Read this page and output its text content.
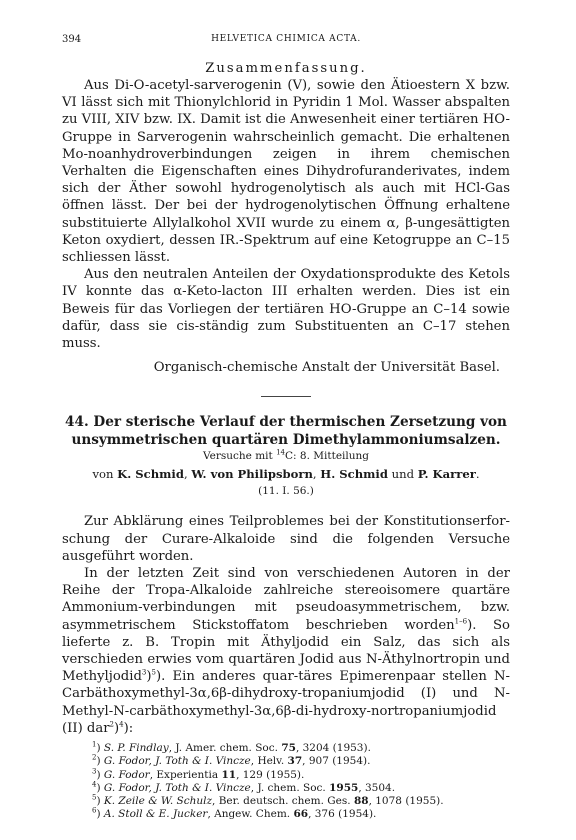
394	HELVETICA CHIMICA ACTA.
Zusammenfassung.

Aus Di-O-acetyl-sarverogenin (V), sowie den Ätioestern X bzw. VI lässt sich mit Thionylchlorid in Pyridin 1 Mol. Wasser abspalten zu VIII, XIV bzw. IX. Damit ist die Anwesenheit einer tertiären HO-Gruppe in Sarverogenin wahrscheinlich gemacht. Die erhaltenen Mo-noanhydroverbindungen zeigen in ihrem chemischen Verhalten die Eigenschaften eines Dihydrofuranderivates, indem sich der Äther sowohl hydrogenolytisch als auch mit HCl-Gas öffnen lässt. Der bei der hydrogenolytischen Öffnung erhaltene substituierte Allylalkohol XVII wurde zu einem α, β-ungesättigten Keton oxydiert, dessen IR.-Spektrum auf eine Ketogruppe an C–15 schliessen lässt.

Aus den neutralen Anteilen der Oxydationsprodukte des Ketols IV konnte das α-Keto-lacton III erhalten werden. Dies ist ein Beweis für das Vorliegen der tertiären HO-Gruppe an C–14 sowie dafür, dass sie cis-ständig zum Substituenten an C–17 stehen muss.

Organisch-chemische Anstalt der Universität Basel.
44. Der sterische Verlauf der thermischen Zersetzung von
unsymmetrischen quartären Dimethylammoniumsalzen.
Versuche mit $^{14}$C: 8. Mitteilung
von K. Schmid, W. von Philipsborn, H. Schmid und P. Karrer.
(11. I. 56.)

Zur Abklärung eines Teilproblemes bei der Konstitutionserfor-schung der Curare-Alkaloide sind die folgenden Versuche ausgeführt worden.

In der letzten Zeit sind von verschiedenen Autoren in der Reihe der Tropa-Alkaloide zahlreiche stereoisomere quartäre Ammonium-verbindungen mit pseudoasymmetrischem, bzw. asymmetrischem Stickstoffatom beschrieben worden$^{1-6}$). So lieferte z. B. Tropin mit Äthyljodid ein Salz, das sich als verschieden erwies vom quartären Jodid aus N-Äthylnortropin und Methyljodid$^3$)$^5$). Ein anderes quar-täres Epimerenpaar stellen N-Carbäthoxymethyl-3α,6β-dihydroxy-tropaniumjodid (I) und N-Methyl-N-carbäthoxymethyl-3α,6β-di-hydroxy-nortropaniumjodid (II) dar$^2$)$^4$):

$^1$) S. P. Findlay, J. Amer. chem. Soc. 75, 3204 (1953).
$^2$) G. Fodor, J. Toth & I. Vincze, Helv. 37, 907 (1954).
$^3$) G. Fodor, Experientia 11, 129 (1955).
$^4$) G. Fodor, J. Toth & I. Vincze, J. chem. Soc. 1955, 3504.
$^5$) K. Zeile & W. Schulz, Ber. deutsch. chem. Ges. 88, 1078 (1955).
$^6$) A. Stoll & E. Jucker, Angew. Chem. 66, 376 (1954).
